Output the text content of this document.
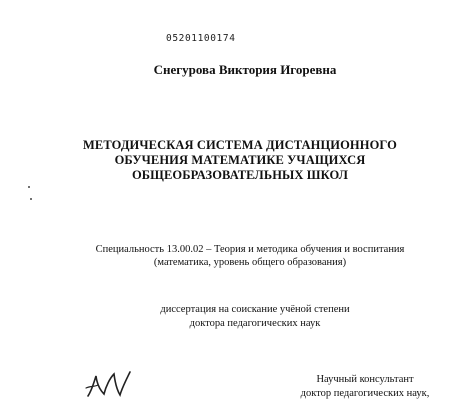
05201100174
Снегурова Виктория Игоревна
МЕТОДИЧЕСКАЯ СИСТЕМА ДИСТАНЦИОННОГО
ОБУЧЕНИЯ МАТЕМАТИКЕ УЧАЩИХСЯ
ОБЩЕОБРАЗОВАТЕЛЬНЫХ ШКОЛ
Специальность 13.00.02 – Теория и методика обучения и воспитания
(математика, уровень общего образования)
диссертация на соискание учёной степени
доктора педагогических наук
Научный консультант
доктор педагогических наук,
